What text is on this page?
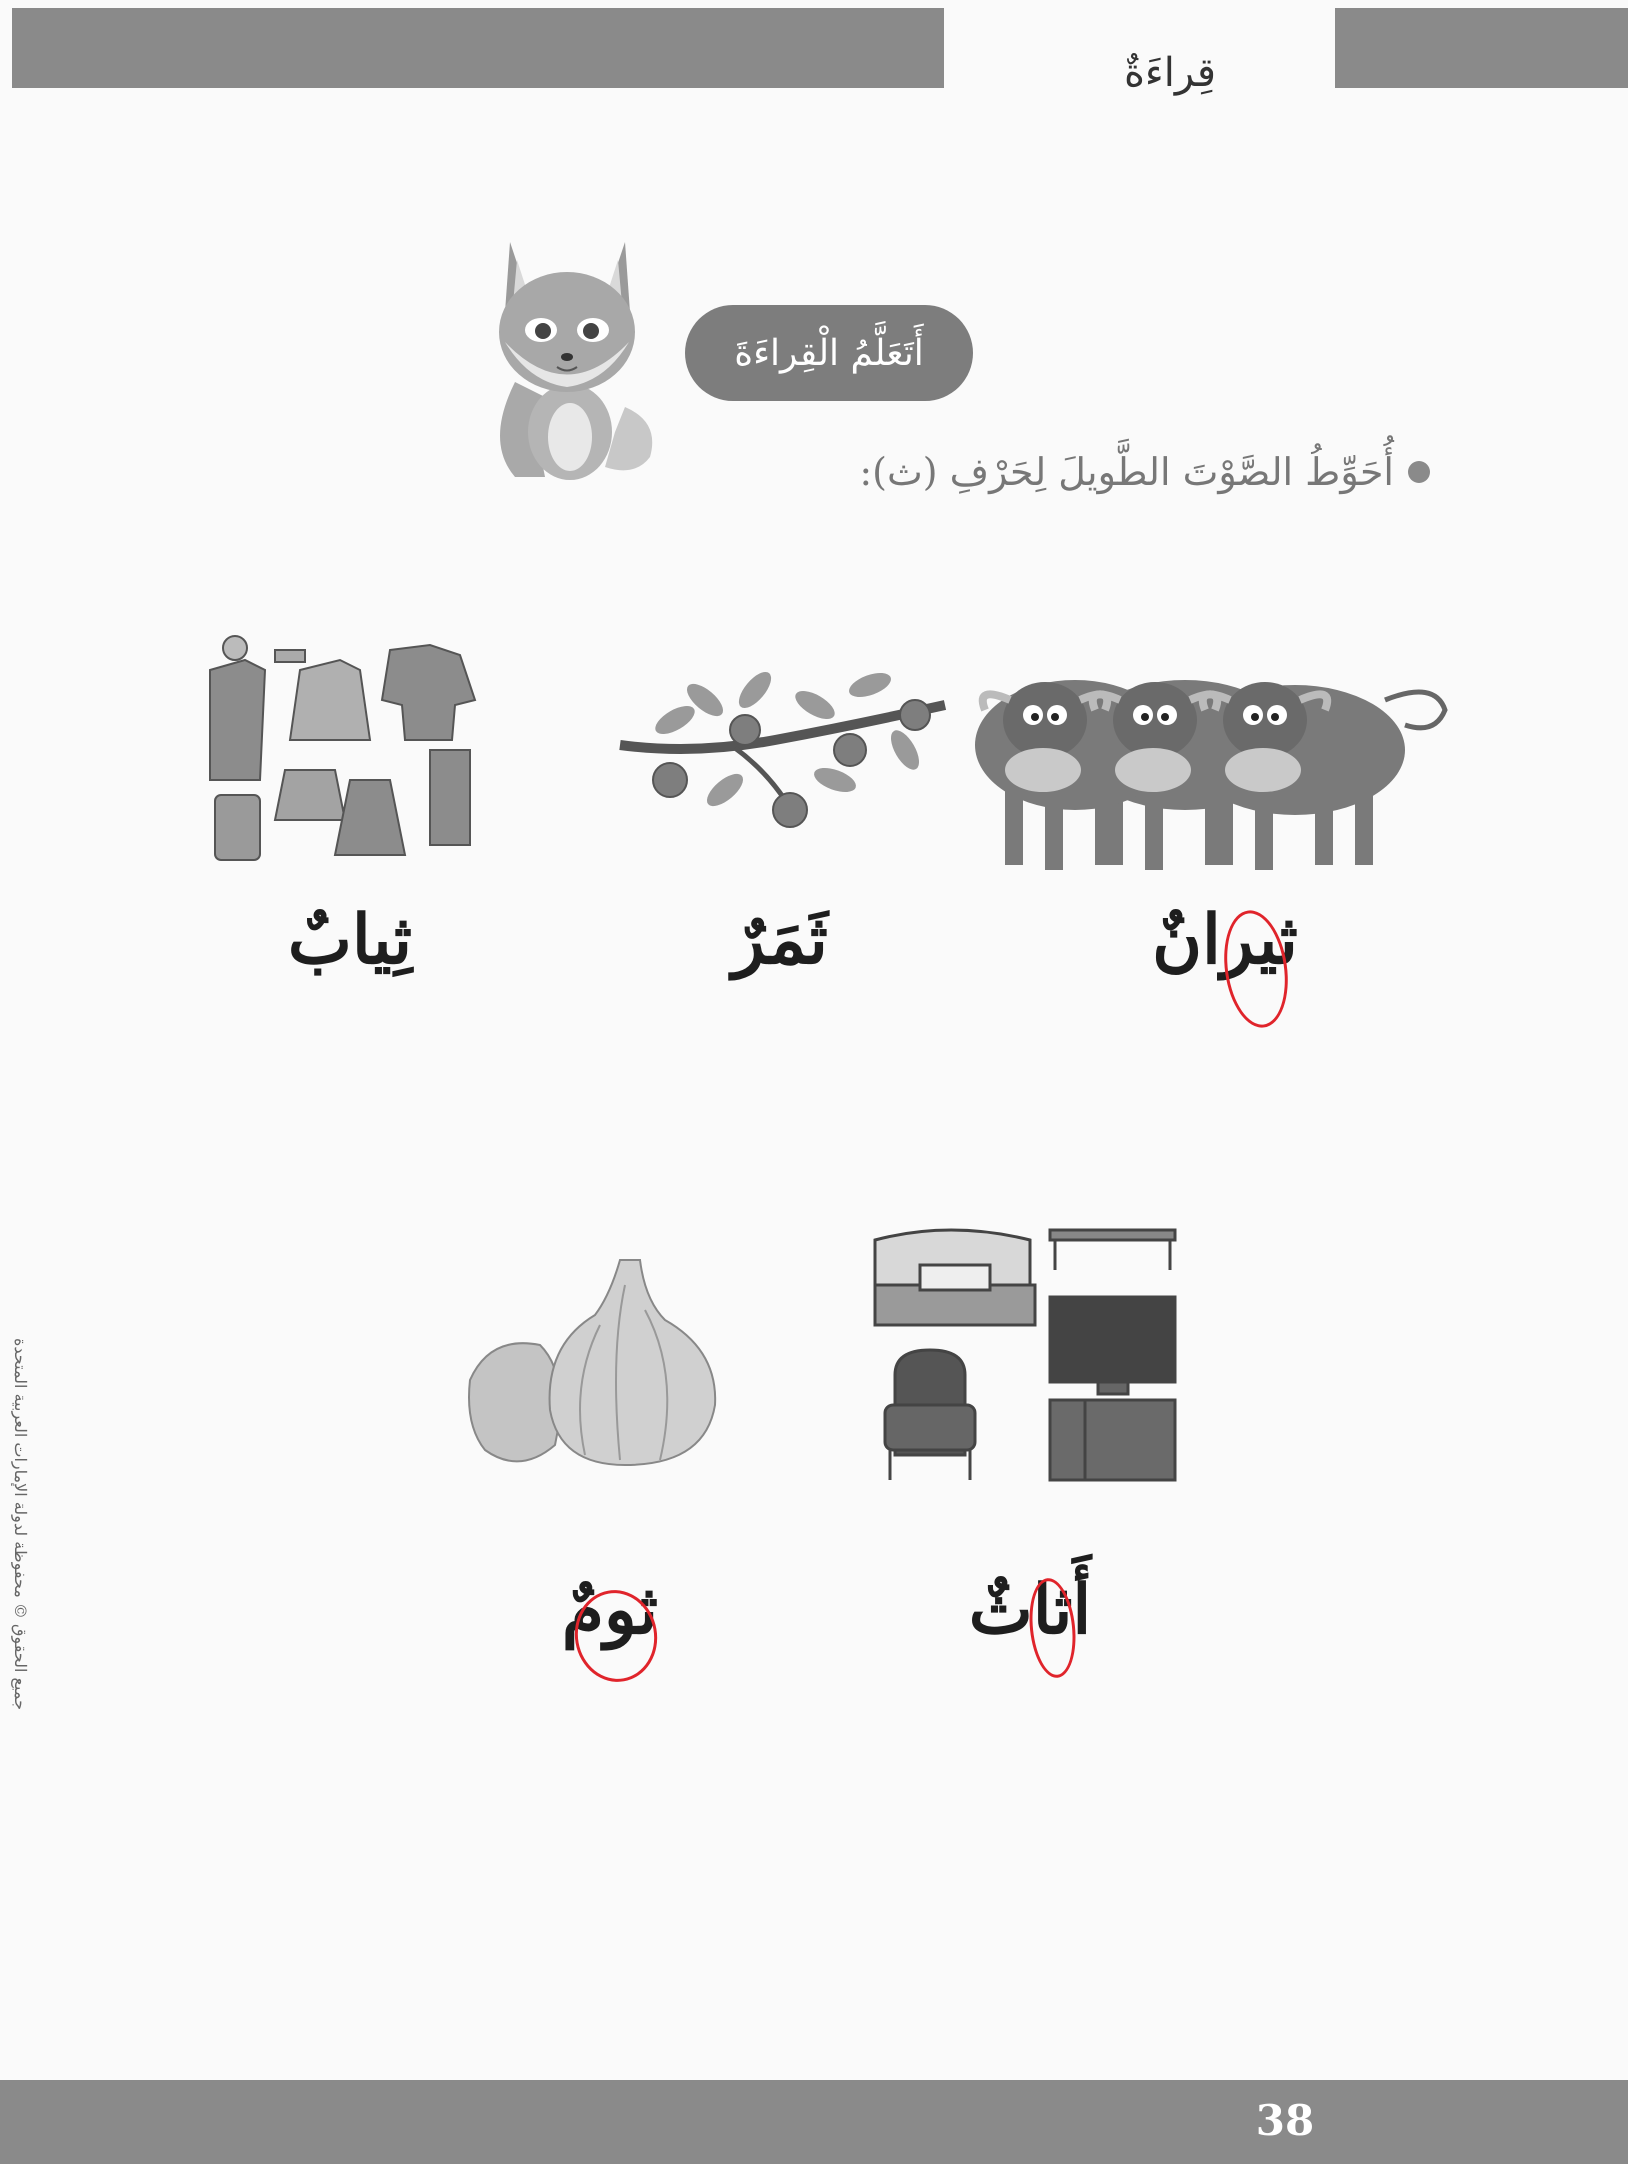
قِراءَةٌ
أَتَعَلَّمُ الْقِراءَةَ
أُحَوِّطُ الصَّوْتَ الطَّويلَ لِحَرْفِ (ث):
ثيرانٌ
ثَمَرٌ
ثِيابٌ
أَثاثٌ
ثومٌ
جميع الحقوق © محفوظة لدولة الإمارات العربية المتحدة
38
